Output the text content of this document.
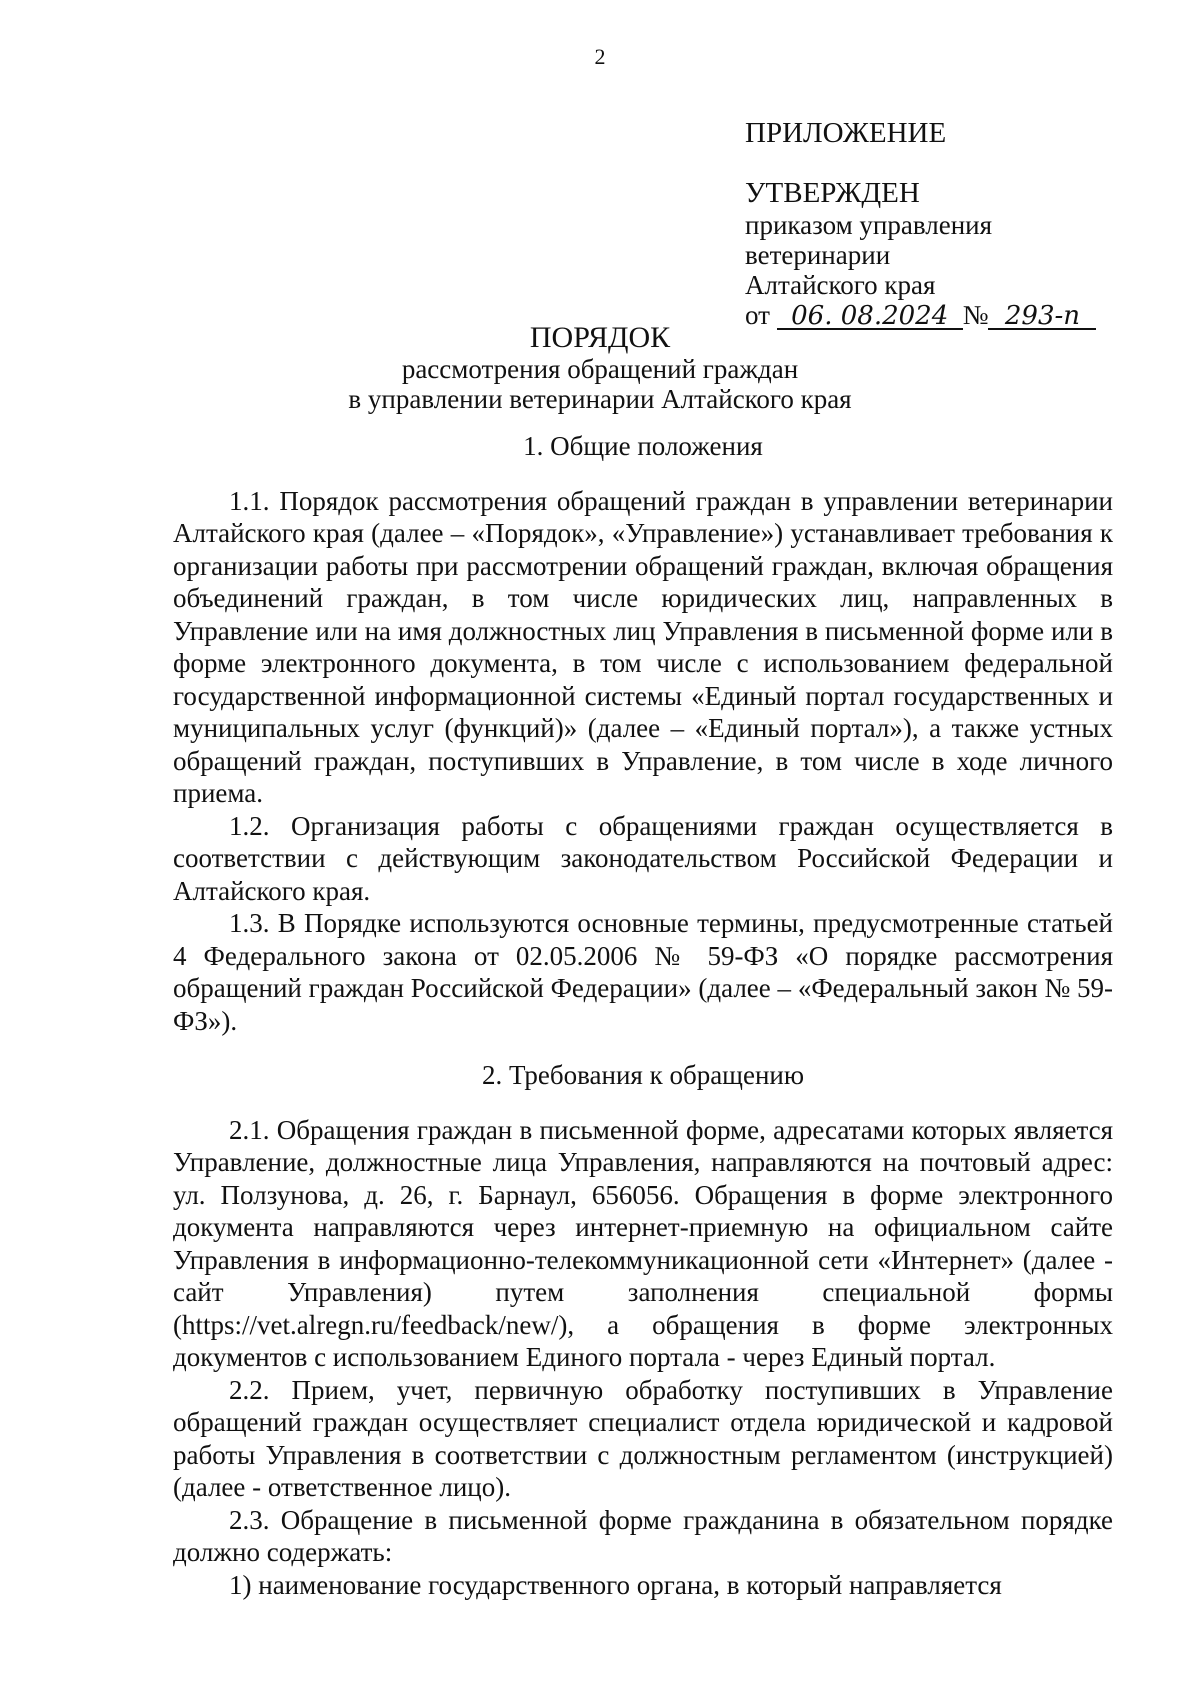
2
ПРИЛОЖЕНИЕ
УТВЕРЖДЕН
приказом управления
ветеринарии
Алтайского края
от 06. 08.2024 № 293-п
ПОРЯДОК
рассмотрения обращений граждан
в управлении ветеринарии Алтайского края
1. Общие положения

1.1. Порядок рассмотрения обращений граждан в управлении ветеринарии Алтайского края (далее – «Порядок», «Управление») устанавливает требования к организации работы при рассмотрении обращений граждан, включая обращения объединений граждан, в том числе юридических лиц, направленных в Управление или на имя должностных лиц Управления в письменной форме или в форме электронного документа, в том числе с использованием федеральной государственной информационной системы «Единый портал государственных и муниципальных услуг (функций)» (далее – «Единый портал»), а также устных обращений граждан, поступивших в Управление, в том числе в ходе личного приема.

1.2. Организация работы с обращениями граждан осуществляется в соответствии с действующим законодательством Российской Федерации и Алтайского края.

1.3. В Порядке используются основные термины, предусмотренные статьей 4 Федерального закона от 02.05.2006 № 59-ФЗ «О порядке рассмотрения обращений граждан Российской Федерации» (далее – «Федеральный закон № 59-ФЗ»).

2. Требования к обращению

2.1. Обращения граждан в письменной форме, адресатами которых является Управление, должностные лица Управления, направляются на почтовый адрес: ул. Ползунова, д. 26, г. Барнаул, 656056. Обращения в форме электронного документа направляются через интернет-приемную на официальном сайте Управления в информационно-телекоммуникационной сети «Интернет» (далее - сайт Управления) путем заполнения специальной формы (https://vet.alregn.ru/feedback/new/), а обращения в форме электронных документов с использованием Единого портала - через Единый портал.

2.2. Прием, учет, первичную обработку поступивших в Управление обращений граждан осуществляет специалист отдела юридической и кадровой работы Управления в соответствии с должностным регламентом (инструкцией) (далее - ответственное лицо).

2.3. Обращение в письменной форме гражданина в обязательном порядке должно содержать:

1) наименование государственного органа, в который направляется
